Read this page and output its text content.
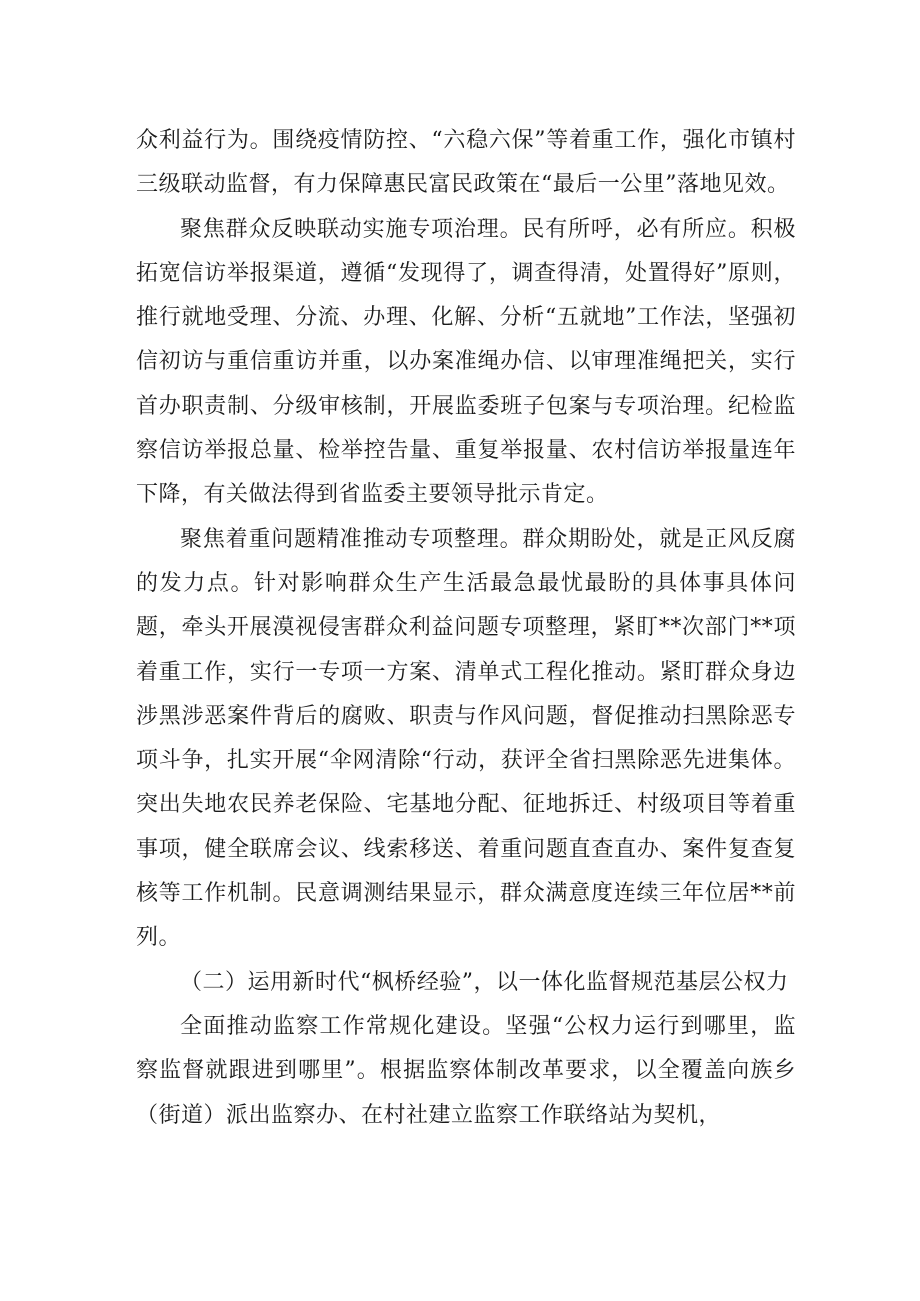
众利益行为。围绕疫情防控、“六稳六保”等着重工作，强化市镇村三级联动监督，有力保障惠民富民政策在“最后一公里”落地见效。

聚焦群众反映联动实施专项治理。民有所呼，必有所应。积极拓宽信访举报渠道，遵循“发现得了，调查得清，处置得好”原则，推行就地受理、分流、办理、化解、分析“五就地”工作法，坚强初信初访与重信重访并重，以办案准绳办信、以审理准绳把关，实行首办职责制、分级审核制，开展监委班子包案与专项治理。纪检监察信访举报总量、检举控告量、重复举报量、农村信访举报量连年下降，有关做法得到省监委主要领导批示肯定。

聚焦着重问题精准推动专项整理。群众期盼处，就是正风反腐的发力点。针对影响群众生产生活最急最忧最盼的具体事具体问题，牵头开展漠视侵害群众利益问题专项整理，紧盯**次部门**项着重工作，实行一专项一方案、清单式工程化推动。紧盯群众身边涉黑涉恶案件背后的腐败、职责与作风问题，督促推动扫黑除恶专项斗争，扎实开展“伞网清除“行动，获评全省扫黑除恶先进集体。突出失地农民养老保险、宅基地分配、征地拆迁、村级项目等着重事项，健全联席会议、线索移送、着重问题直查直办、案件复查复核等工作机制。民意调测结果显示，群众满意度连续三年位居**前列。

（二）运用新时代“枫桥经验”，以一体化监督规范基层公权力

全面推动监察工作常规化建设。坚强“公权力运行到哪里，监察监督就跟进到哪里”。根据监察体制改革要求，以全覆盖向族乡（街道）派出监察办、在村社建立监察工作联络站为契机，
